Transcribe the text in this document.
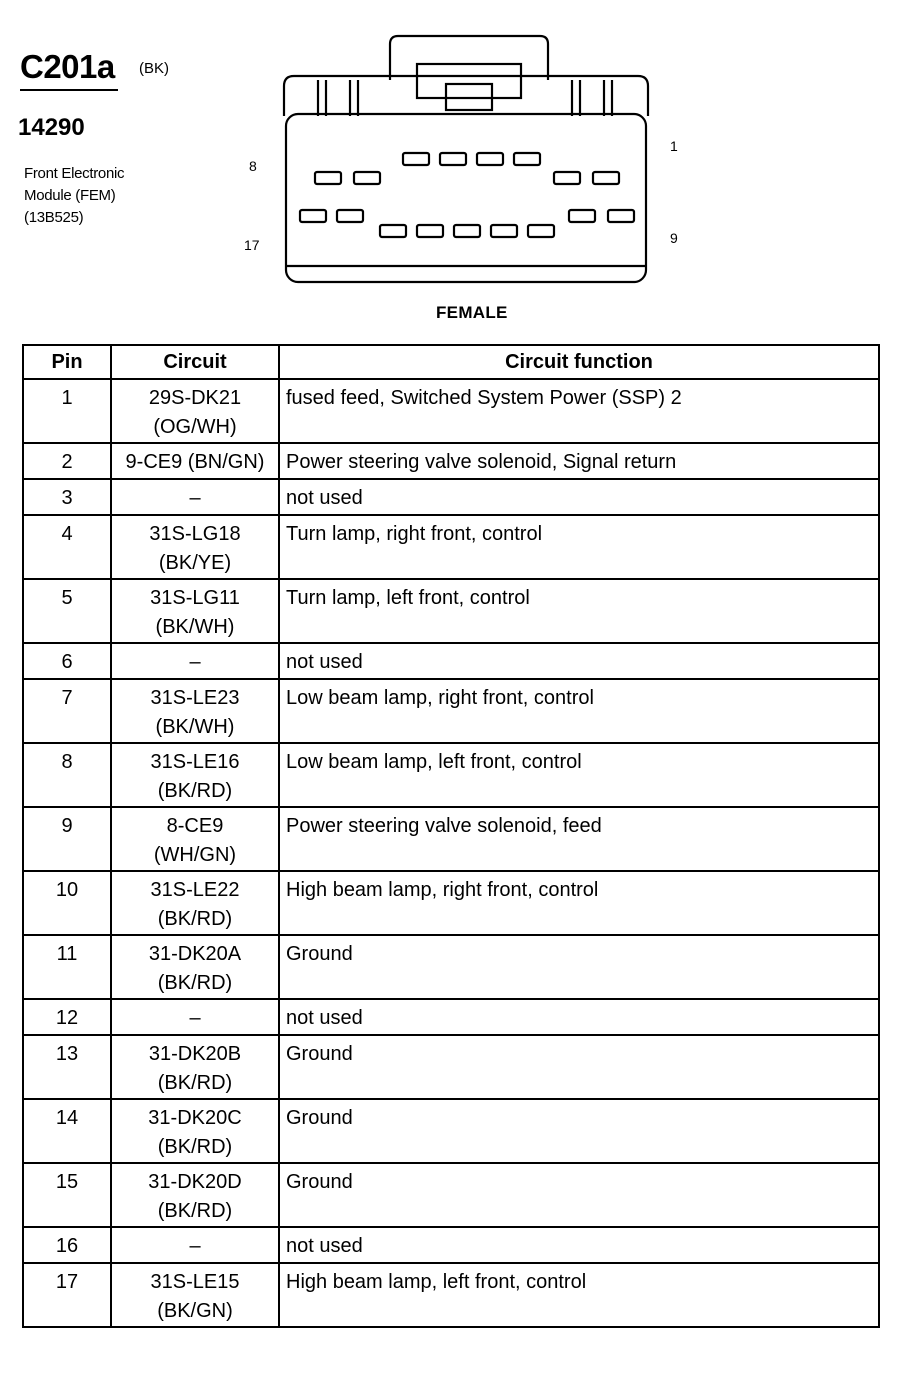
C201a (BK)
14290
Front Electronic
Module (FEM)
(13B525)
8
1
17	9
FEMALE
Pin	Circuit	Circuit function
1	29S-DK21
(OG/WH)	fused feed, Switched System Power (SSP) 2
2	9-CE9 (BN/GN)	Power steering valve solenoid, Signal return
3	–	not used
4	31S-LG18
(BK/YE)	Turn lamp, right front, control
5	31S-LG11
(BK/WH)	Turn lamp, left front, control
6	–	not used
7	31S-LE23
(BK/WH)	Low beam lamp, right front, control
8	31S-LE16
(BK/RD)	Low beam lamp, left front, control
9	8-CE9
(WH/GN)	Power steering valve solenoid, feed
10	31S-LE22
(BK/RD)	High beam lamp, right front, control
11	31-DK20A
(BK/RD)	Ground
12	–	not used
13	31-DK20B
(BK/RD)	Ground
14	31-DK20C
(BK/RD)	Ground
15	31-DK20D
(BK/RD)	Ground
16	–	not used
17	31S-LE15
(BK/GN)	High beam lamp, left front, control
